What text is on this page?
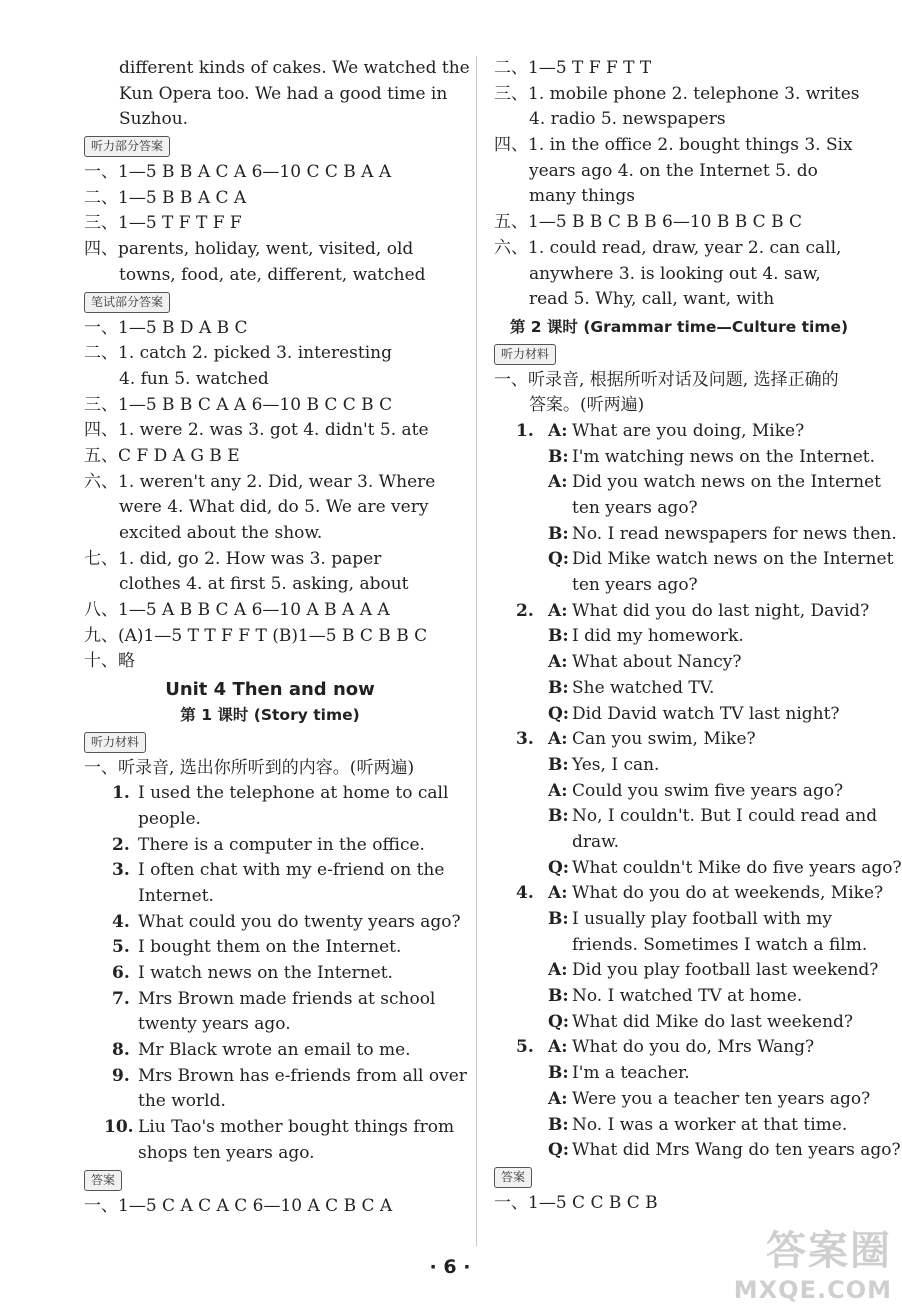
different kinds of cakes. We watched the
Kun Opera too. We had a good time in
Suzhou.
听力部分答案
一、1—5 B B A C A 6—10 C C B A A
二、1—5 B B A C A
三、1—5 T F T F F
四、parents, holiday, went, visited, old
towns, food, ate, different, watched
笔试部分答案
一、1—5 B D A B C
二、1. catch 2. picked 3. interesting
4. fun 5. watched
三、1—5 B B C A A 6—10 B C C B C
四、1. were 2. was 3. got 4. didn't 5. ate
五、C F D A G B E
六、1. weren't any 2. Did, wear 3. Where
were 4. What did, do 5. We are very
excited about the show.
七、1. did, go 2. How was 3. paper
clothes 4. at first 5. asking, about
八、1—5 A B B C A 6—10 A B A A A
九、(A)1—5 T T F F T (B)1—5 B C B B C
十、略
Unit 4 Then and now
第 1 课时 (Story time)
听力材料
一、听录音, 选出你所听到的内容。(听两遍)
1. I used the telephone at home to call
people.
2. There is a computer in the office.
3. I often chat with my e-friend on the
Internet.
4. What could you do twenty years ago?
5. I bought them on the Internet.
6. I watch news on the Internet.
7. Mrs Brown made friends at school
twenty years ago.
8. Mr Black wrote an email to me.
9. Mrs Brown has e-friends from all over
the world.
10. Liu Tao's mother bought things from
shops ten years ago.
答案
一、1—5 C A C A C 6—10 A C B C A
二、1—5 T F F T T
三、1. mobile phone 2. telephone 3. writes
4. radio 5. newspapers
四、1. in the office 2. bought things 3. Six
years ago 4. on the Internet 5. do
many things
五、1—5 B B C B B 6—10 B B C B C
六、1. could read, draw, year 2. can call,
anywhere 3. is looking out 4. saw,
read 5. Why, call, want, with
第 2 课时 (Grammar time—Culture time)
听力材料
一、听录音, 根据所听对话及问题, 选择正确的
答案。(听两遍)
1. A: What are you doing, Mike?
B: I'm watching news on the Internet.
A: Did you watch news on the Internet
ten years ago?
B: No. I read newspapers for news then.
Q: Did Mike watch news on the Internet
ten years ago?
2. A: What did you do last night, David?
B: I did my homework.
A: What about Nancy?
B: She watched TV.
Q: Did David watch TV last night?
3. A: Can you swim, Mike?
B: Yes, I can.
A: Could you swim five years ago?
B: No, I couldn't. But I could read and
draw.
Q: What couldn't Mike do five years ago?
4. A: What do you do at weekends, Mike?
B: I usually play football with my
friends. Sometimes I watch a film.
A: Did you play football last weekend?
B: No. I watched TV at home.
Q: What did Mike do last weekend?
5. A: What do you do, Mrs Wang?
B: I'm a teacher.
A: Were you a teacher ten years ago?
B: No. I was a worker at that time.
Q: What did Mrs Wang do ten years ago?
答案
一、1—5 C C B C B
· 6 ·	答案圈
MXQE.COM
